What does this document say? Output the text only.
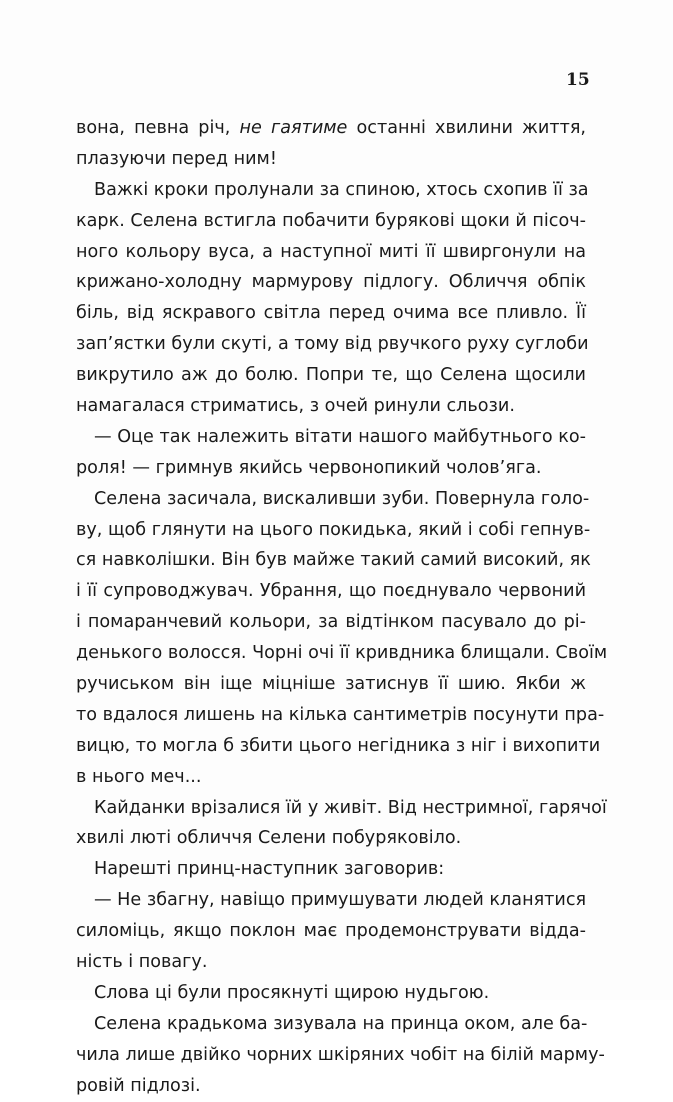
15
вона, певна річ, не гаятиме останні хвилини життя,
плазуючи перед ним!
Важкі кроки пролунали за спиною, хтось схопив її за
карк. Селена встигла побачити бурякові щоки й пісоч-
ного кольору вуса, а наступної миті її швиргонули на
крижано-холодну мармурову підлогу. Обличчя обпік
біль, від яскравого світла перед очима все пливло. Її
зап’ястки були скуті, а тому від рвучкого руху суглоби
викрутило аж до болю. Попри те, що Селена щосили
намагалася стриматись, з очей ринули сльози.
— Оце так належить вітати нашого майбутнього ко-
роля! — гримнув якийсь червонопикий чолов’яга.
Селена засичала, вискаливши зуби. Повернула голо-
ву, щоб глянути на цього покидька, який і собі гепнув-
ся навколішки. Він був майже такий самий високий, як
і її супроводжувач. Убрання, що поєднувало червоний
і помаранчевий кольори, за відтінком пасувало до рі-
денького волосся. Чорні очі її кривдника блищали. Своїм
ручиськом він іще міцніше затиснув її шию. Якби ж
то вдалося лишень на кілька сантиметрів посунути пра-
вицю, то могла б збити цього негідника з ніг і вихопити
в нього меч...
Кайданки врізалися їй у живіт. Від нестримної, гарячої
хвилі люті обличчя Селени побуряковіло.
Нарешті принц-наступник заговорив:
— Не збагну, навіщо примушувати людей кланятися
силоміць, якщо поклон має продемонструвати відда-
ність і повагу.
Слова ці були просякнуті щирою нудьгою.
Селена крадькома зизувала на принца оком, але ба-
чила лише двійко чорних шкіряних чобіт на білій марму-
ровій підлозі.
